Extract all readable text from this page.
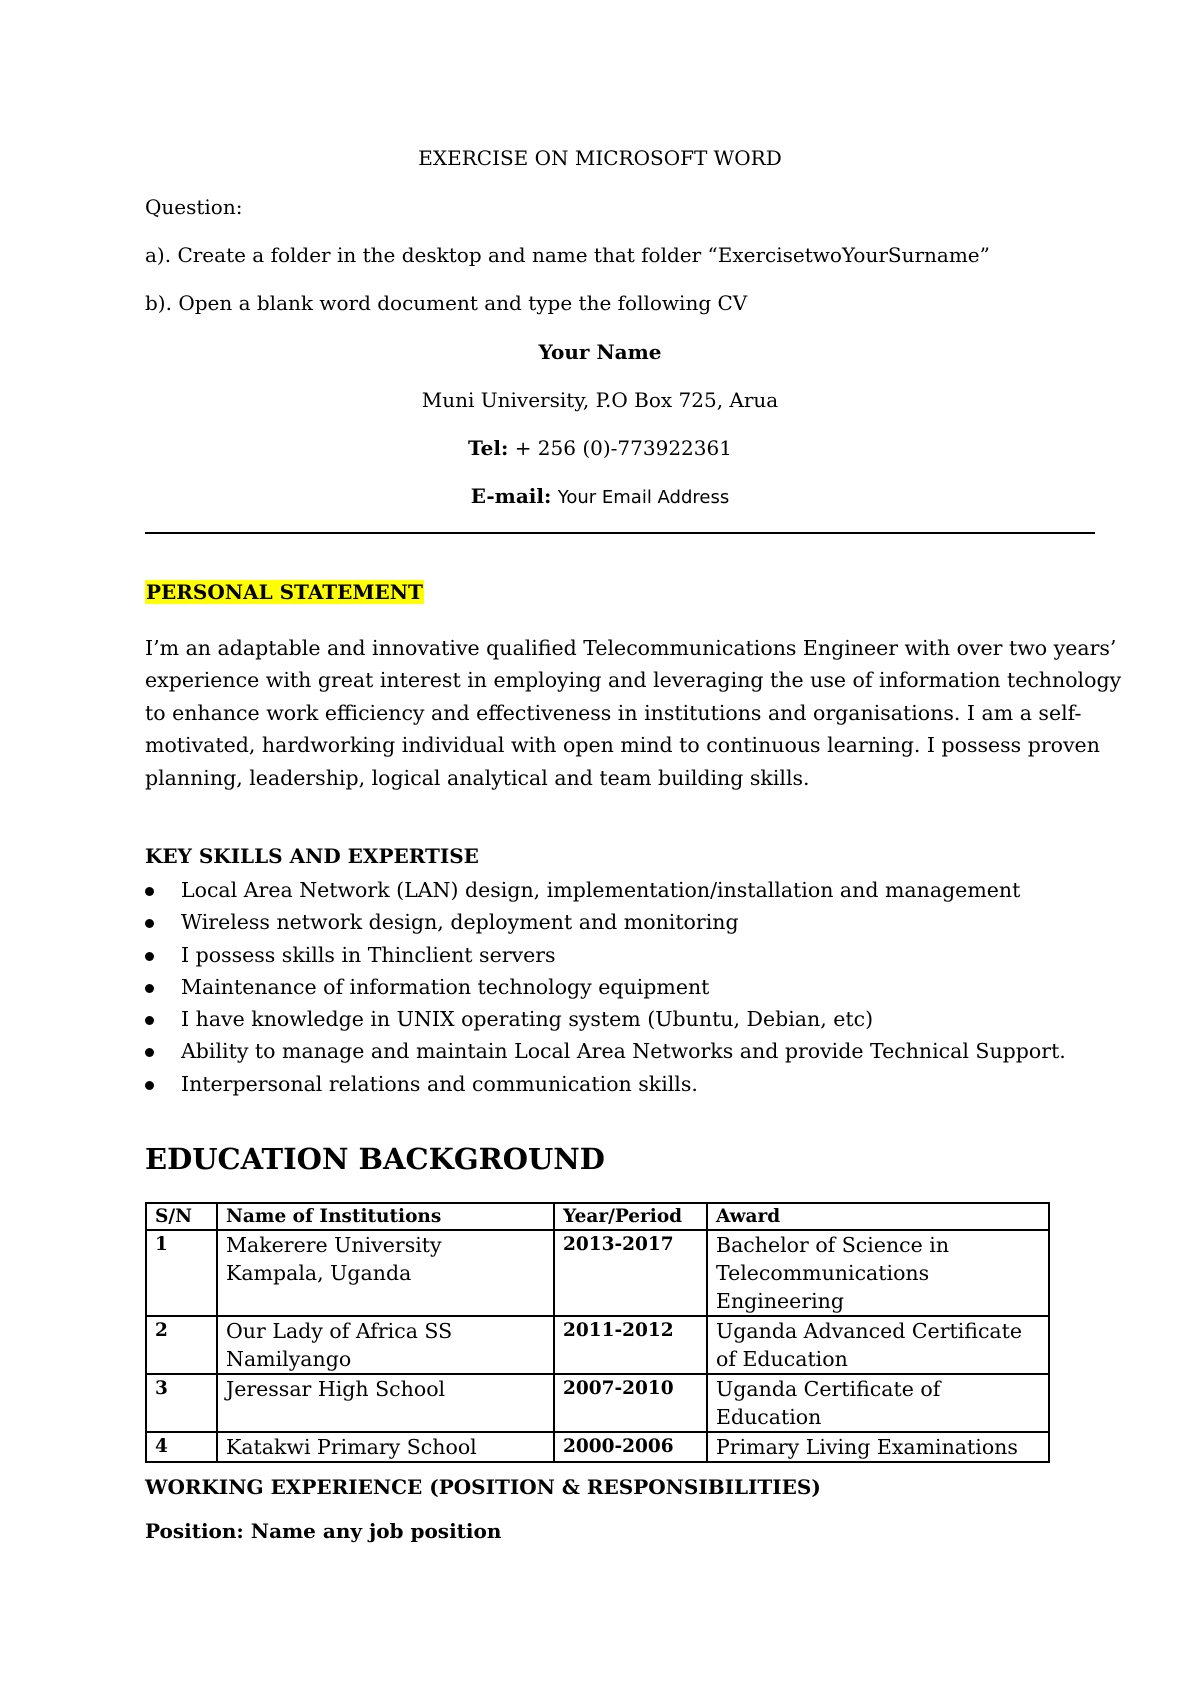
EXERCISE ON MICROSOFT WORD
Question:
a). Create a folder in the desktop and name that folder “ExercisetwoYourSurname”
b). Open a blank word document and type the following CV
Your Name
Muni University, P.O Box 725, Arua
Tel: + 256 (0)-773922361
E-mail: Your Email Address
PERSONAL STATEMENT
I’m an adaptable and innovative qualified Telecommunications Engineer with over two years’
experience with great interest in employing and leveraging the use of information technology
to enhance work efficiency and effectiveness in institutions and organisations. I am a self-
motivated, hardworking individual with open mind to continuous learning. I possess proven
planning, leadership, logical analytical and team building skills.
KEY SKILLS AND EXPERTISE
Local Area Network (LAN) design, implementation/installation and management
Wireless network design, deployment and monitoring
I possess skills in Thinclient servers
Maintenance of information technology equipment
I have knowledge in UNIX operating system (Ubuntu, Debian, etc)
Ability to manage and maintain Local Area Networks and provide Technical Support.
Interpersonal relations and communication skills.
EDUCATION BACKGROUND
S/N	Name of Institutions	Year/Period	Award
1	Makerere University Kampala, Uganda	2013-2017	Bachelor of Science in Telecommunications Engineering
2	Our Lady of Africa SS Namilyango	2011-2012	Uganda Advanced Certificate of Education
3	Jeressar High School	2007-2010	Uganda Certificate of Education
4	Katakwi Primary School	2000-2006	Primary Living Examinations
WORKING EXPERIENCE (POSITION & RESPONSIBILITIES)
Position: Name any job position
